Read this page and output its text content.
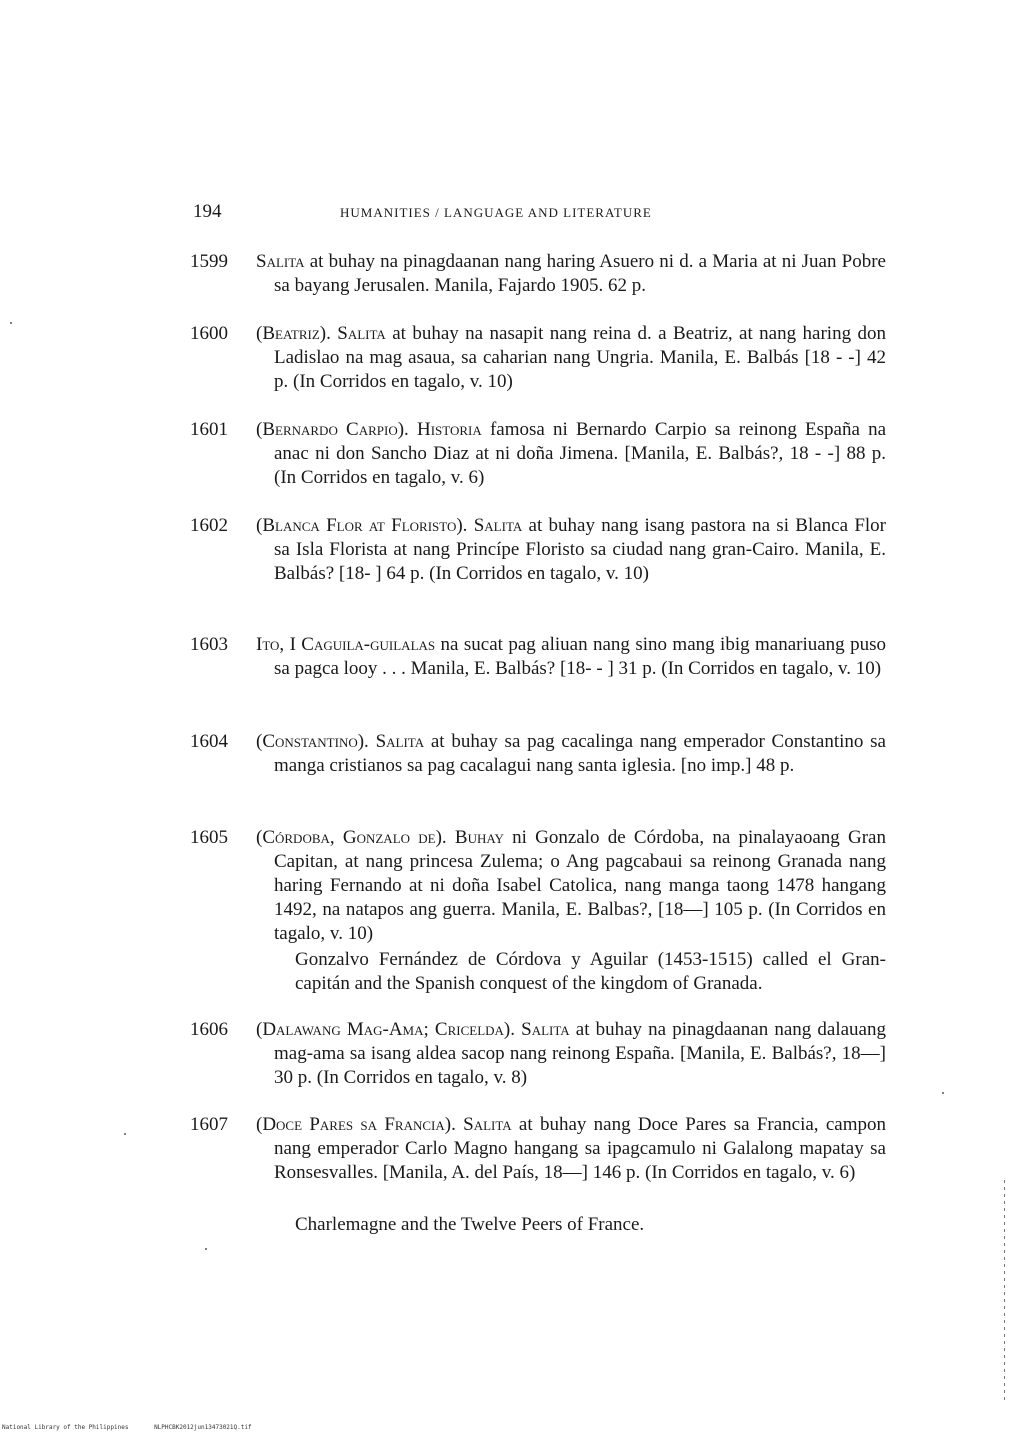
194	HUMANITIES / LANGUAGE AND LITERATURE
1599 Salita at buhay na pinagdaanan nang haring Asuero ni d. a Maria at ni Juan Pobre sa bayang Jerusalen. Manila, Fajardo 1905. 62 p.
1600 (Beatriz). Salita at buhay na nasapit nang reina d. a Beatriz, at nang haring don Ladislao na mag asaua, sa caharian nang Ungria. Manila, E. Balbás [18 - -] 42 p. (In Corridos en tagalo, v. 10)
1601 (Bernardo Carpio). Historia famosa ni Bernardo Carpio sa reinong España na anac ni don Sancho Diaz at ni doña Jimena. [Manila, E. Balbás?, 18 - -] 88 p. (In Corridos en tagalo, v. 6)
1602 (Blanca Flor at Floristo). Salita at buhay nang isang pastora na si Blanca Flor sa Isla Florista at nang Princípe Floristo sa ciudad nang gran-Cairo. Manila, E. Balbás? [18- ] 64 p. (In Corridos en tagalo, v. 10)
1603 Ito, I Caguila-guilalas na sucat pag aliuan nang sino mang ibig manariuang puso sa pagca looy . . . Manila, E. Balbás? [18- - ] 31 p. (In Corridos en tagalo, v. 10)
1604 (Constantino). Salita at buhay sa pag cacalinga nang emperador Constantino sa manga cristianos sa pag cacalagui nang santa iglesia. [no imp.] 48 p.
1605 (Córdoba, Gonzalo de). Buhay ni Gonzalo de Córdoba, na pinalayaoang Gran Capitan, at nang princesa Zulema; o Ang pagcabaui sa reinong Granada nang haring Fernando at ni doña Isabel Catolica, nang manga taong 1478 hangang 1492, na natapos ang guerra. Manila, E. Balbas?, [18—] 105 p. (In Corridos en tagalo, v. 10)
Gonzalvo Fernández de Córdova y Aguilar (1453-1515) called el Gran-capitán and the Spanish conquest of the kingdom of Granada.
1606 (Dalawang Mag-Ama; Cricelda). Salita at buhay na pinagdaanan nang dalauang mag-ama sa isang aldea sacop nang reinong España. [Manila, E. Balbás?, 18—] 30 p. (In Corridos en tagalo, v. 8)
1607 (Doce Pares sa Francia). Salita at buhay nang Doce Pares sa Francia, campon nang emperador Carlo Magno hangang sa ipagcamulo ni Galalong mapatay sa Ronsesvalles. [Manila, A. del País, 18—] 146 p. (In Corridos en tagalo, v. 6)
Charlemagne and the Twelve Peers of France.
National Library of the Philippines	NLPHCBK2012jun13473021Q.tif
